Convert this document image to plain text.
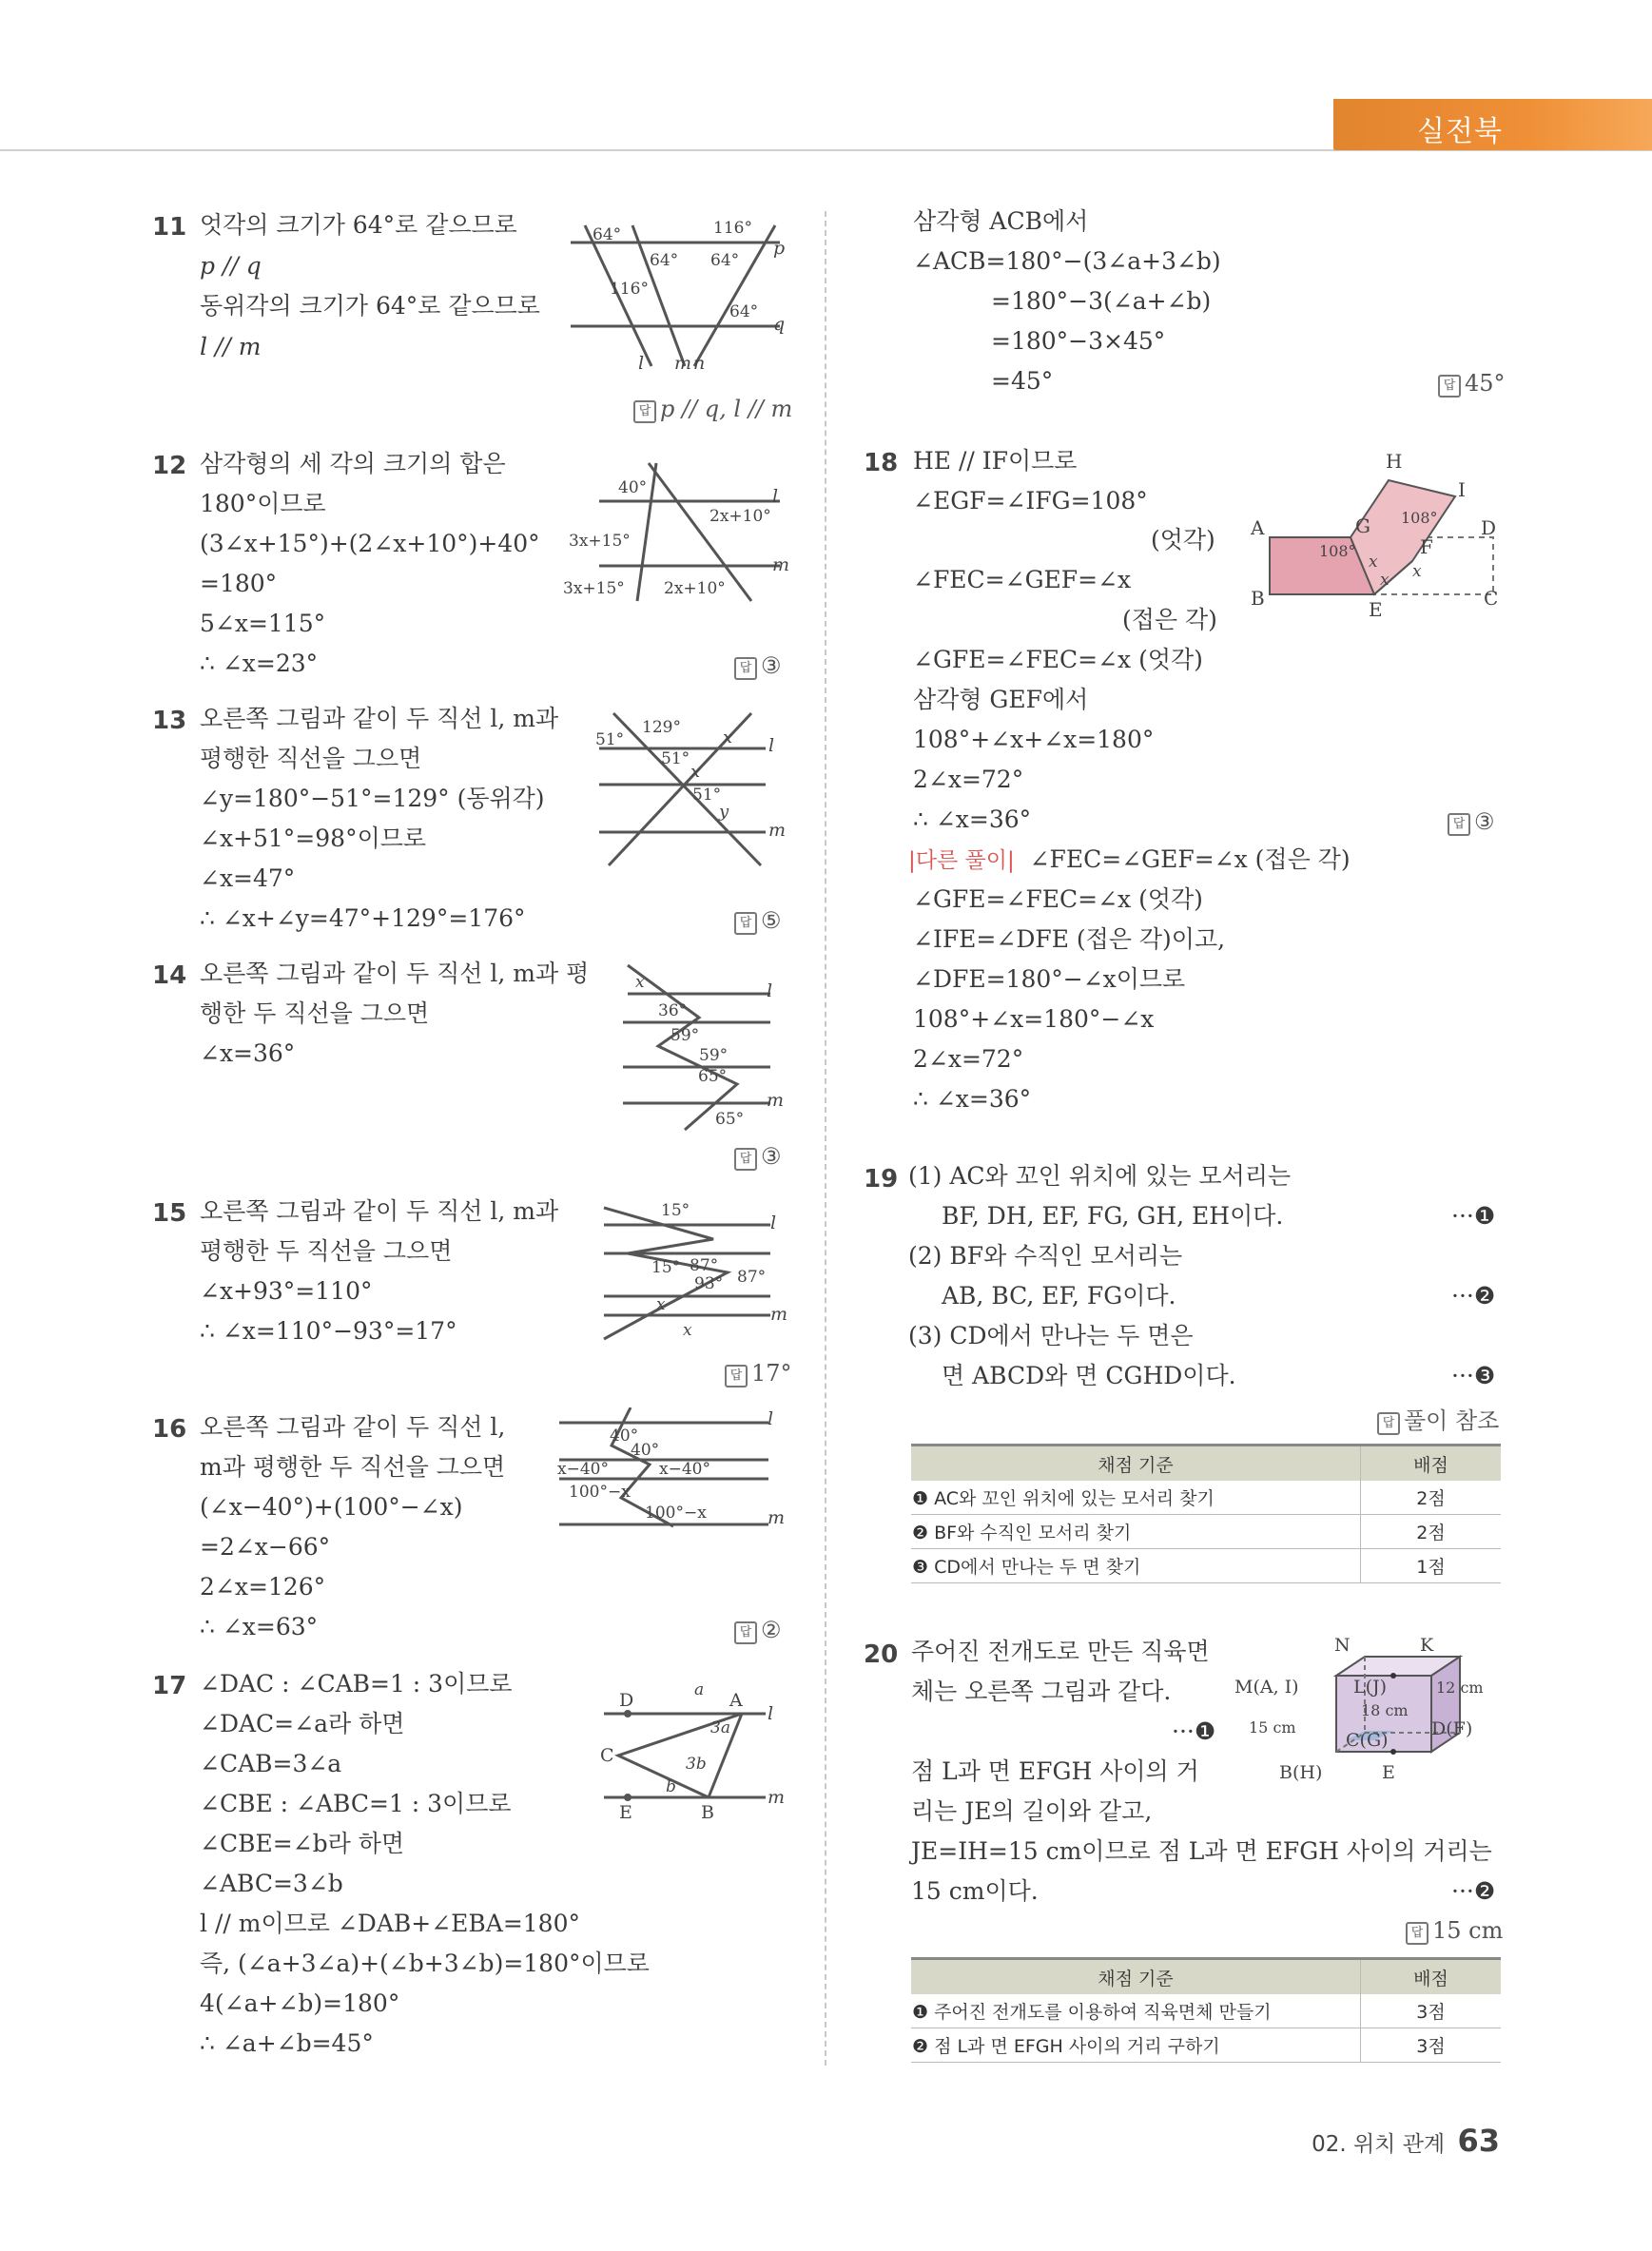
실전북
11 엇각의 크기가 64°로 같으므로
p // q
동위각의 크기가 64°로 같으므로
l // m
64°	116°
64° 64°
116°
64°
p
q
l m n
답 p // q, l // m
12 삼각형의 세 각의 크기의 합은
180°이므로
(3∠x+15°)+(2∠x+10°)+40°
=180°
5∠x=115°
∴ ∠x=23°
40°	l
m
2x+10°
3x+15°
3x+15° 2x+10°
답 ③
13 오른쪽 그림과 같이 두 직선 l, m과
평행한 직선을 그으면
∠y=180°−51°=129° (동위각)
∠x+51°=98°이므로
∠x=47°
∴ ∠x+∠y=47°+129°=176°
51°
129°
51°
51°
x
x
y
l
m
답 ⑤
14 오른쪽 그림과 같이 두 직선 l, m과 평
행한 두 직선을 그으면
∠x=36°
x
36°
59°
59°
65°
65°
l
m
답 ③
15 오른쪽 그림과 같이 두 직선 l, m과
평행한 두 직선을 그으면
∠x+93°=110°
∴ ∠x=110°−93°=17°
15°
15° 87°
93° 87°
x
x
l
m
답 17°
16 오른쪽 그림과 같이 두 직선 l,
m과 평행한 두 직선을 그으면
(∠x−40°)+(100°−∠x)
=2∠x−66°
2∠x=126°
∴ ∠x=63°
40°
40°
x−40°	x−40°
100°−x
100°−x
l
m
답 ②
17 ∠DAC : ∠CAB=1 : 3이므로
∠DAC=∠a라 하면
∠CAB=3∠a
∠CBE : ∠ABC=1 : 3이므로
∠CBE=∠b라 하면
∠ABC=3∠b
l // m이므로 ∠DAB+∠EBA=180°
즉, (∠a+3∠a)+(∠b+3∠b)=180°이므로
4(∠a+∠b)=180°
∴ ∠a+∠b=45°
D	A
C
E	B
a
3a
b
3b
l
m
삼각형 ACB에서
∠ACB=180°−(3∠a+3∠b)
=180°−3(∠a+∠b)
=180°−3×45°
=45°	답 45°
18 HE // IF이므로
∠EGF=∠IFG=108°
(엇각)
∠FEC=∠GEF=∠x
(접은 각)
∠GFE=∠FEC=∠x (엇각)
삼각형 GEF에서
108°+∠x+∠x=180°
2∠x=72°
∴ ∠x=36°	답 ③
|다른 풀이| ∠FEC=∠GEF=∠x (접은 각)
∠GFE=∠FEC=∠x (엇각)
∠IFE=∠DFE (접은 각)이고,
∠DFE=180°−∠x이므로
108°+∠x=180°−∠x
2∠x=72°
∴ ∠x=36°
H
I
A	G	D
F
B	E	C
108°
108°
x
x x
19 (1) AC와 꼬인 위치에 있는 모서리는
BF, DH, EF, FG, GH, EH이다.	···❶
(2) BF와 수직인 모서리는
AB, BC, EF, FG이다.	···❷
(3) CD에서 만나는 두 면은
면 ABCD와 면 CGHD이다.	···❸
답 풀이 참조
채점 기준	배점
❶ AC와 꼬인 위치에 있는 모서리 찾기	2점
❷ BF와 수직인 모서리 찾기	2점
❸ CD에서 만나는 두 면 찾기	1점
20 주어진 전개도로 만든 직육면
체는 오른쪽 그림과 같다.
···❶
점 L과 면 EFGH 사이의 거
리는 JE의 길이와 같고,
JE=IH=15 cm이므로 점 L과 면 EFGH 사이의 거리는
15 cm이다.	···❷
답 15 cm
N	K
M(A, I)	L(J)	12 cm
18 cm
D(F)
15 cm
C(G)
B(H)	E
채점 기준	배점
❶ 주어진 전개도를 이용하여 직육면체 만들기	3점
❷ 점 L과 면 EFGH 사이의 거리 구하기	3점
02. 위치 관계 63
